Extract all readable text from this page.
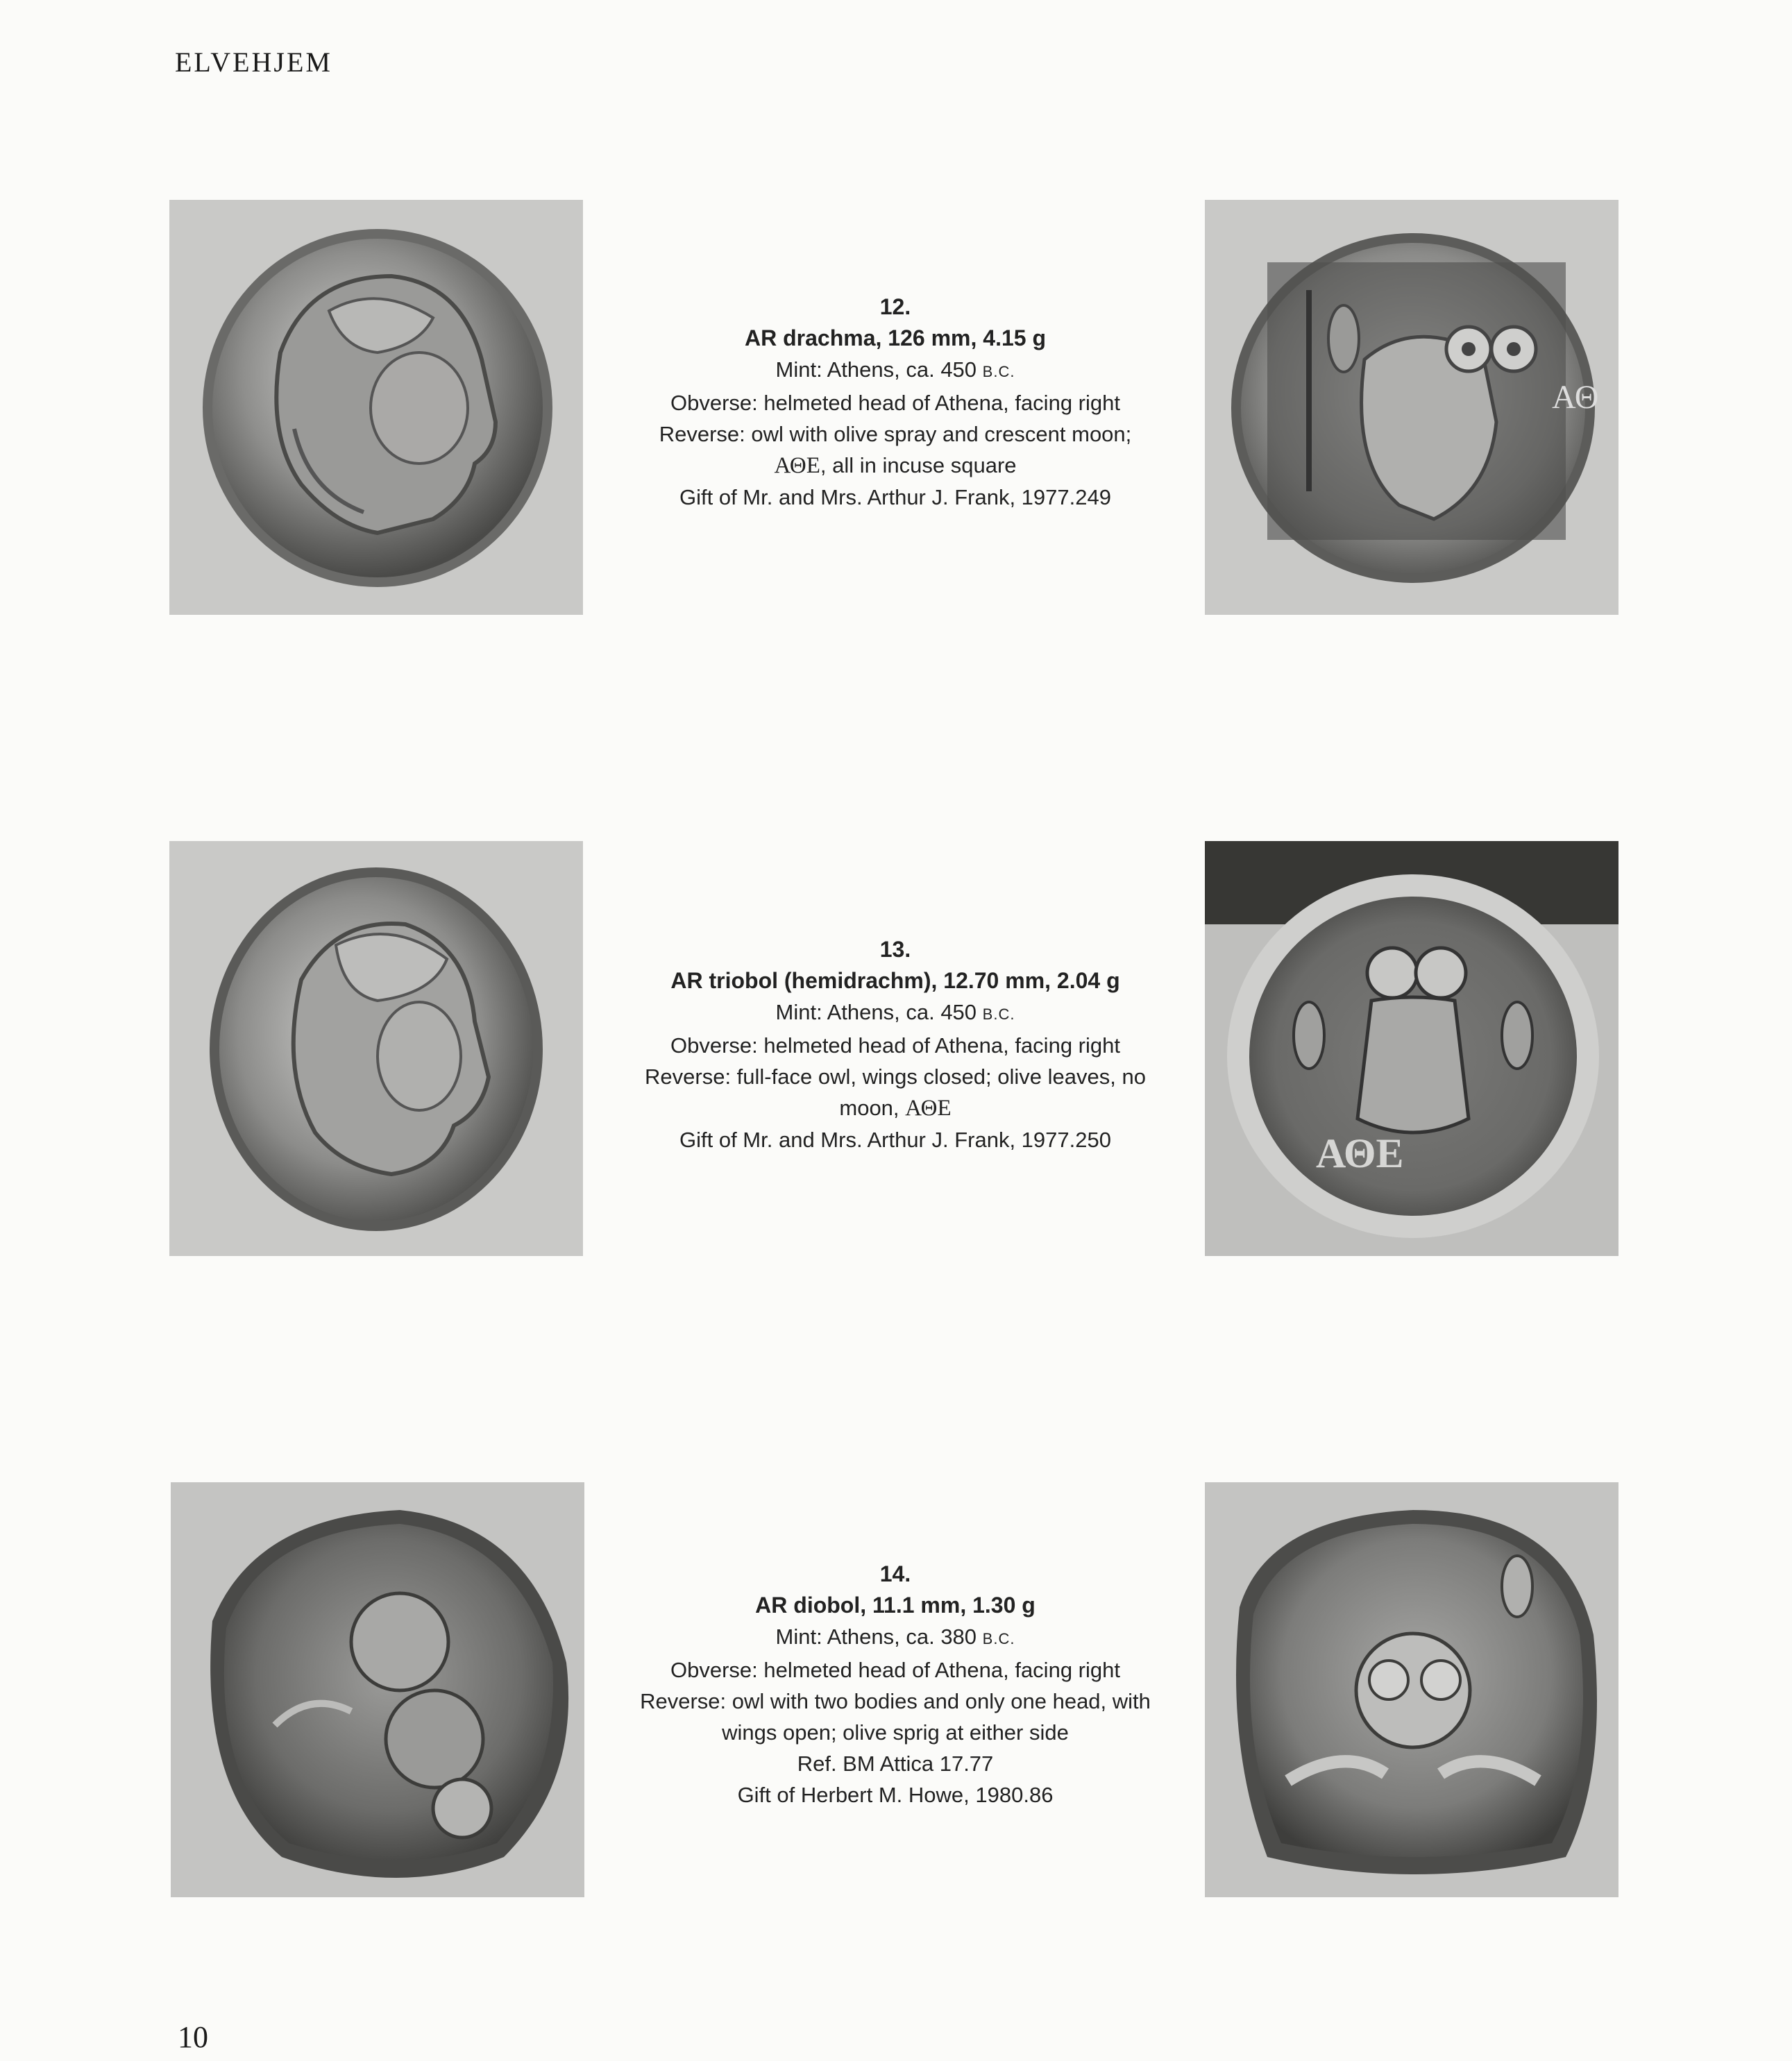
ELVEHJEM
12.
AR drachma, 126 mm, 4.15 g
Mint: Athens, ca. 450 B.C.
Obverse: helmeted head of Athena, facing right
Reverse: owl with olive spray and crescent moon;
ΑΘΕ, all in incuse square
Gift of Mr. and Mrs. Arthur J. Frank, 1977.249
ΑΘ
13.
AR triobol (hemidrachm), 12.70 mm, 2.04 g
Mint: Athens, ca. 450 B.C.
Obverse: helmeted head of Athena, facing right
Reverse: full-face owl, wings closed; olive leaves, no
moon, ΑΘΕ
Gift of Mr. and Mrs. Arthur J. Frank, 1977.250	ΑΘΕ
14.
AR diobol, 11.1 mm, 1.30 g
Mint: Athens, ca. 380 B.C.
Obverse: helmeted head of Athena, facing right
Reverse: owl with two bodies and only one head, with
wings open; olive sprig at either side
Ref. BM Attica 17.77
Gift of Herbert M. Howe, 1980.86
10
